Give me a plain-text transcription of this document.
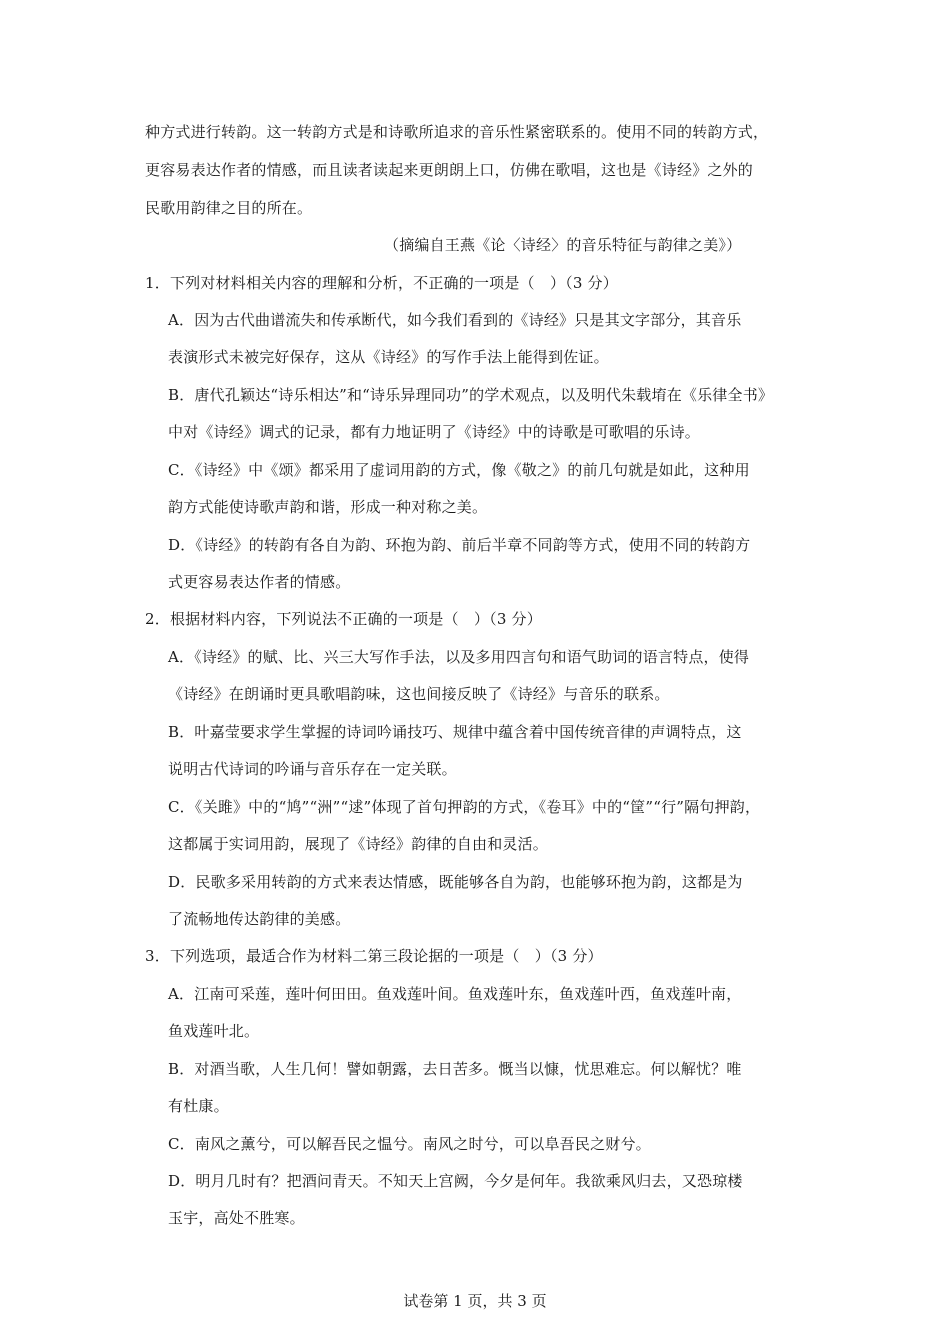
种方式进行转韵。这一转韵方式是和诗歌所追求的音乐性紧密联系的。使用不同的转韵方式，
更容易表达作者的情感，而且读者读起来更朗朗上口，仿佛在歌唱，这也是《诗经》之外的
民歌用韵律之目的所在。
（摘编自王燕《论〈诗经〉的音乐特征与韵律之美》）
1．下列对材料相关内容的理解和分析，不正确的一项是（　）（3 分）
A．因为古代曲谱流失和传承断代，如今我们看到的《诗经》只是其文字部分，其音乐
表演形式未被完好保存，这从《诗经》的写作手法上能得到佐证。
B．唐代孔颖达“诗乐相达”和“诗乐异理同功”的学术观点，以及明代朱载堉在《乐律全书》
中对《诗经》调式的记录，都有力地证明了《诗经》中的诗歌是可歌唱的乐诗。
C．《诗经》中《颂》都采用了虚词用韵的方式，像《敬之》的前几句就是如此，这种用
韵方式能使诗歌声韵和谐，形成一种对称之美。
D．《诗经》的转韵有各自为韵、环抱为韵、前后半章不同韵等方式，使用不同的转韵方
式更容易表达作者的情感。
2．根据材料内容，下列说法不正确的一项是（　）（3 分）
A．《诗经》的赋、比、兴三大写作手法，以及多用四言句和语气助词的语言特点，使得
《诗经》在朗诵时更具歌唱韵味，这也间接反映了《诗经》与音乐的联系。
B．叶嘉莹要求学生掌握的诗词吟诵技巧、规律中蕴含着中国传统音律的声调特点，这
说明古代诗词的吟诵与音乐存在一定关联。
C．《关雎》中的“鸠”“洲”“逑”体现了首句押韵的方式，《卷耳》中的“筐”“行”隔句押韵，
这都属于实词用韵，展现了《诗经》韵律的自由和灵活。
D．民歌多采用转韵的方式来表达情感，既能够各自为韵，也能够环抱为韵，这都是为
了流畅地传达韵律的美感。
3．下列选项，最适合作为材料二第三段论据的一项是（　）（3 分）
A．江南可采莲，莲叶何田田。鱼戏莲叶间。鱼戏莲叶东，鱼戏莲叶西，鱼戏莲叶南，
鱼戏莲叶北。
B．对酒当歌，人生几何！譬如朝露，去日苦多。慨当以慷，忧思难忘。何以解忧？唯
有杜康。
C．南风之薰兮，可以解吾民之愠兮。南风之时兮，可以阜吾民之财兮。
D．明月几时有？把酒问青天。不知天上宫阙，今夕是何年。我欲乘风归去，又恐琼楼
玉宇，高处不胜寒。
试卷第 1 页，共 3 页
